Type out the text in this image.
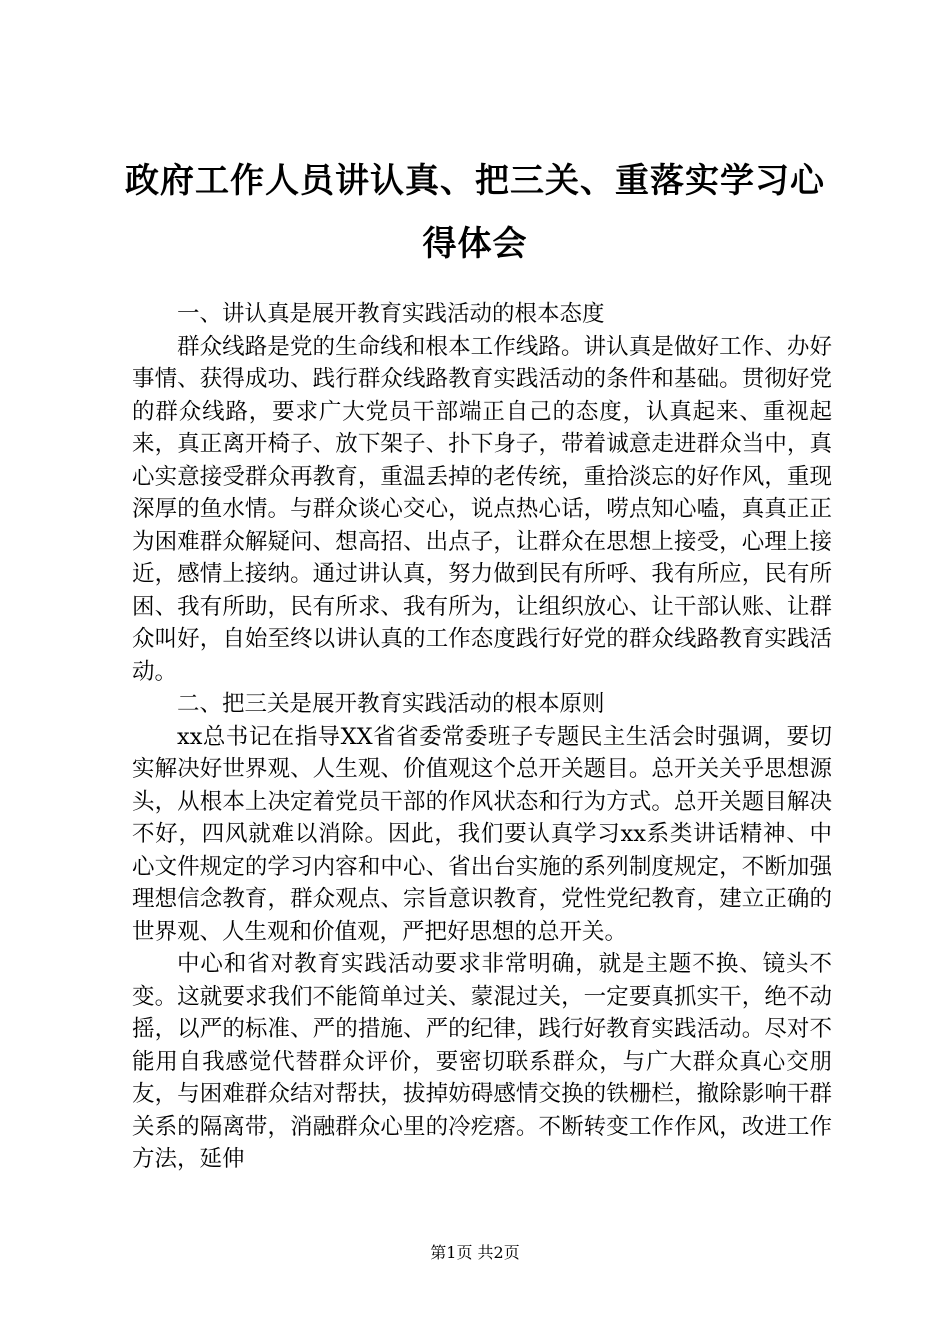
政府工作人员讲认真、把三关、重落实学习心得体会

一、讲认真是展开教育实践活动的根本态度

群众线路是党的生命线和根本工作线路。讲认真是做好工作、办好事情、获得成功、践行群众线路教育实践活动的条件和基础。贯彻好党的群众线路，要求广大党员干部端正自己的态度，认真起来、重视起来，真正离开椅子、放下架子、扑下身子，带着诚意走进群众当中，真心实意接受群众再教育，重温丢掉的老传统，重拾淡忘的好作风，重现深厚的鱼水情。与群众谈心交心，说点热心话，唠点知心嗑，真真正正为困难群众解疑问、想高招、出点子，让群众在思想上接受，心理上接近，感情上接纳。通过讲认真，努力做到民有所呼、我有所应，民有所困、我有所助，民有所求、我有所为，让组织放心、让干部认账、让群众叫好，自始至终以讲认真的工作态度践行好党的群众线路教育实践活动。

二、把三关是展开教育实践活动的根本原则

xx总书记在指导XX省省委常委班子专题民主生活会时强调，要切实解决好世界观、人生观、价值观这个总开关题目。总开关关乎思想源头，从根本上决定着党员干部的作风状态和行为方式。总开关题目解决不好，四风就难以消除。因此，我们要认真学习xx系类讲话精神、中心文件规定的学习内容和中心、省出台实施的系列制度规定，不断加强理想信念教育，群众观点、宗旨意识教育，党性党纪教育，建立正确的世界观、人生观和价值观，严把好思想的总开关。

中心和省对教育实践活动要求非常明确，就是主题不换、镜头不变。这就要求我们不能简单过关、蒙混过关，一定要真抓实干，绝不动摇，以严的标准、严的措施、严的纪律，践行好教育实践活动。尽对不能用自我感觉代替群众评价，要密切联系群众，与广大群众真心交朋友，与困难群众结对帮扶，拔掉妨碍感情交换的铁栅栏，撤除影响干群关系的隔离带，消融群众心里的冷疙瘩。不断转变工作作风，改进工作方法，延伸

第1页 共2页
